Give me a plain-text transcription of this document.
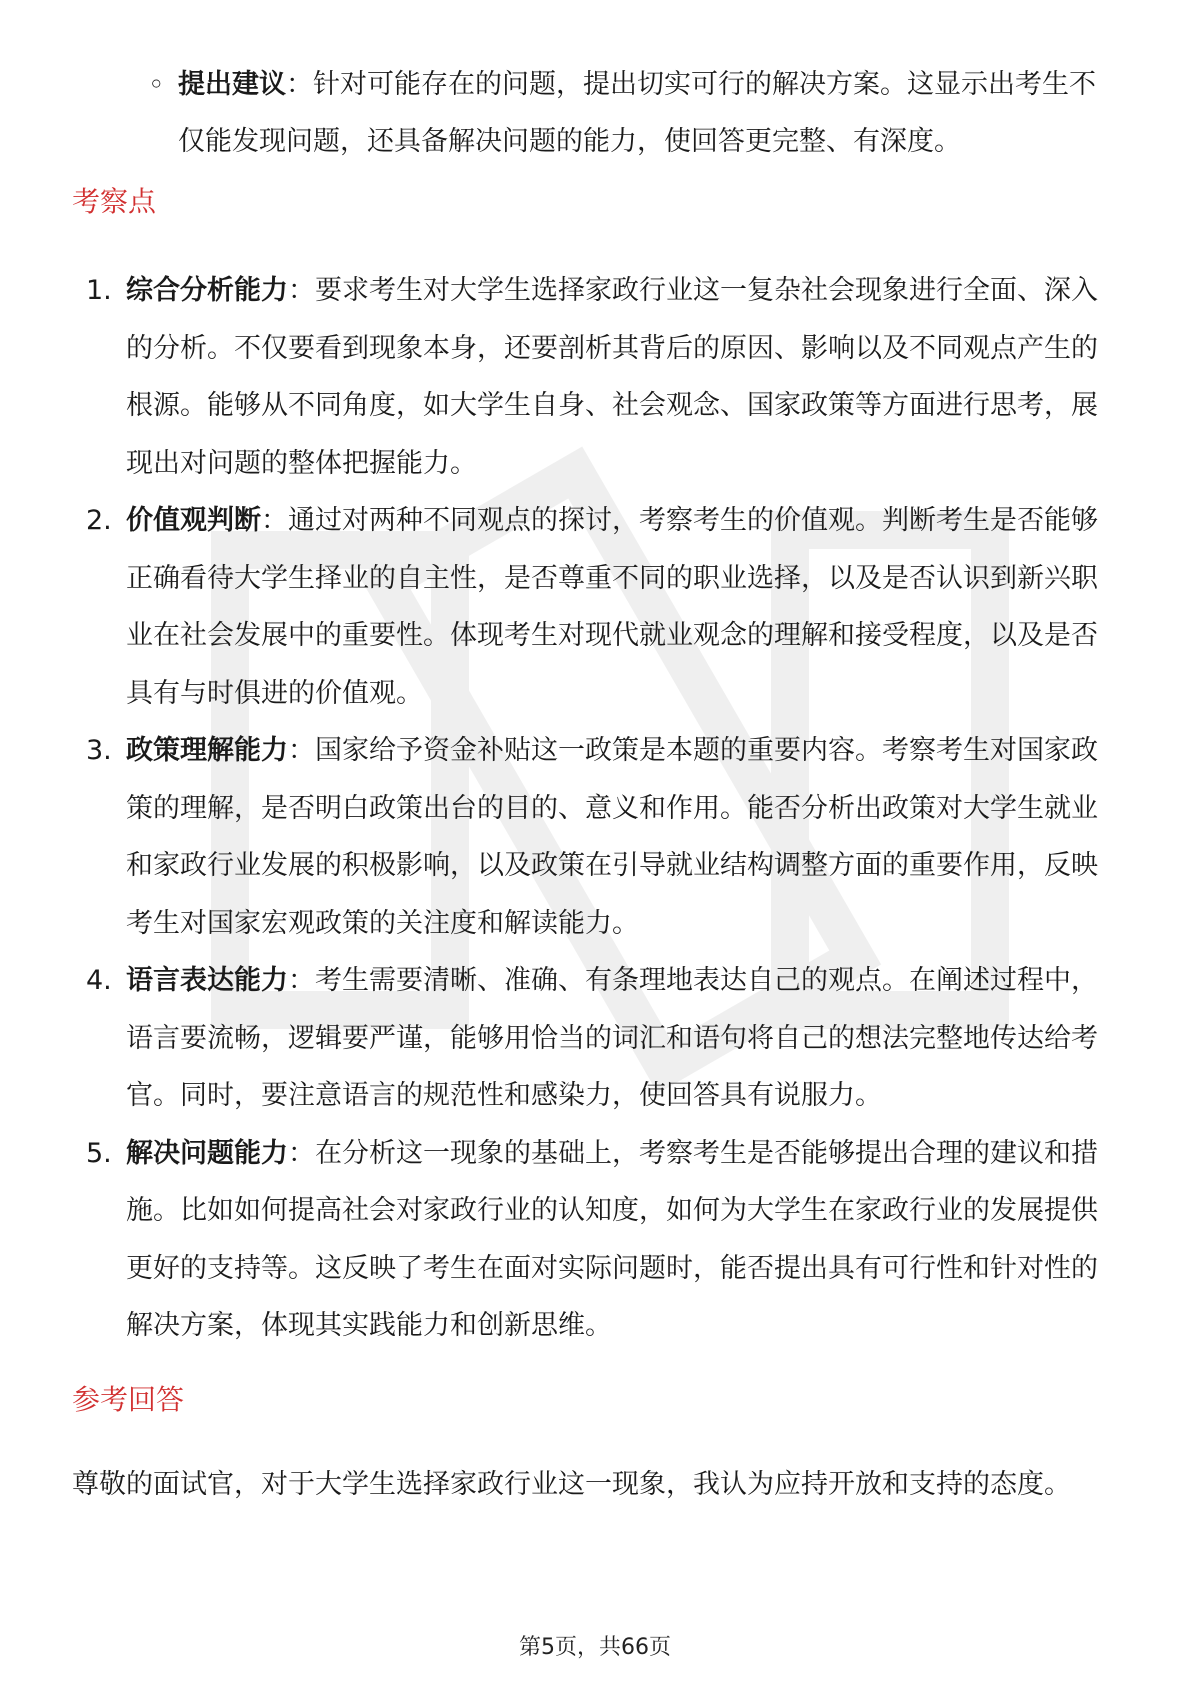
◦ 提出建议：针对可能存在的问题，提出切实可行的解决方案。这显示出考生不仅能发现问题，还具备解决问题的能力，使回答更完整、有深度。
考察点
1. 综合分析能力：要求考生对大学生选择家政行业这一复杂社会现象进行全面、深入的分析。不仅要看到现象本身，还要剖析其背后的原因、影响以及不同观点产生的根源。能够从不同角度，如大学生自身、社会观念、国家政策等方面进行思考，展现出对问题的整体把握能力。
2. 价值观判断：通过对两种不同观点的探讨，考察考生的价值观。判断考生是否能够正确看待大学生择业的自主性，是否尊重不同的职业选择，以及是否认识到新兴职业在社会发展中的重要性。体现考生对现代就业观念的理解和接受程度，以及是否具有与时俱进的价值观。
3. 政策理解能力：国家给予资金补贴这一政策是本题的重要内容。考察考生对国家政策的理解，是否明白政策出台的目的、意义和作用。能否分析出政策对大学生就业和家政行业发展的积极影响，以及政策在引导就业结构调整方面的重要作用，反映考生对国家宏观政策的关注度和解读能力。
4. 语言表达能力：考生需要清晰、准确、有条理地表达自己的观点。在阐述过程中，语言要流畅，逻辑要严谨，能够用恰当的词汇和语句将自己的想法完整地传达给考官。同时，要注意语言的规范性和感染力，使回答具有说服力。
5. 解决问题能力：在分析这一现象的基础上，考察考生是否能够提出合理的建议和措施。比如如何提高社会对家政行业的认知度，如何为大学生在家政行业的发展提供更好的支持等。这反映了考生在面对实际问题时，能否提出具有可行性和针对性的解决方案，体现其实践能力和创新思维。
参考回答

尊敬的面试官，对于大学生选择家政行业这一现象，我认为应持开放和支持的态度。

第5页，共66页
